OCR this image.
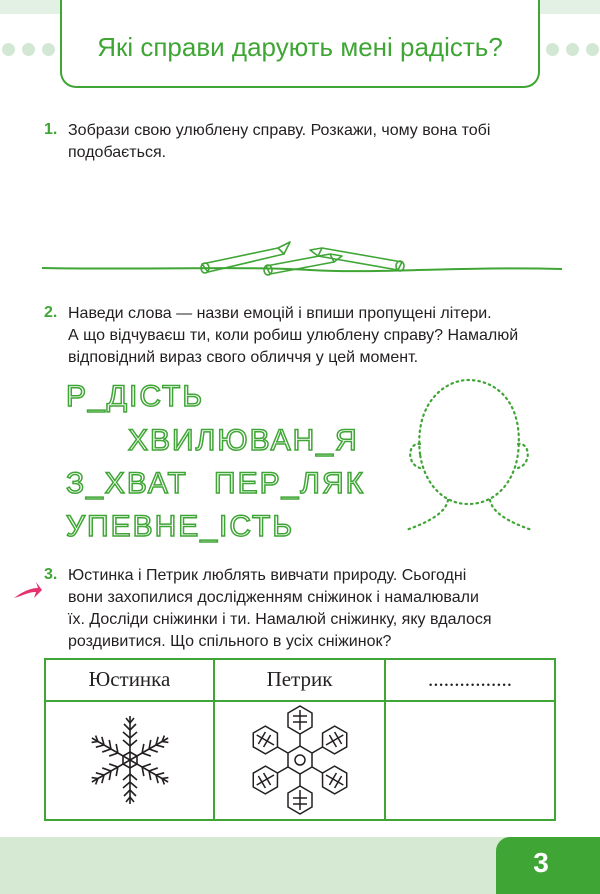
Які справи дарують мені радість?
1. Зобрази свою улюблену справу. Розкажи, чому вона тобі
подобається.
2. Наведи слова — назви емоцій і впиши пропущені літери.
А що відчуваєш ти, коли робиш улюблену справу? Намалюй
відповідний вираз свого обличчя у цей момент.
Р_ДІСТЬ
ХВИЛЮВАН_Я
З_ХВАТ ПЕР_ЛЯК
УПЕВНЕ_ІСТЬ
3. Юстинка і Петрик люблять вивчати природу. Сьогодні
вони захопилися дослідженням сніжинок і намалювали
їх. Досліди сніжинки і ти. Намалюй сніжинку, яку вдалося
роздивитися. Що спільного в усіх сніжинок?
Юстинка	Петрик	................
3
